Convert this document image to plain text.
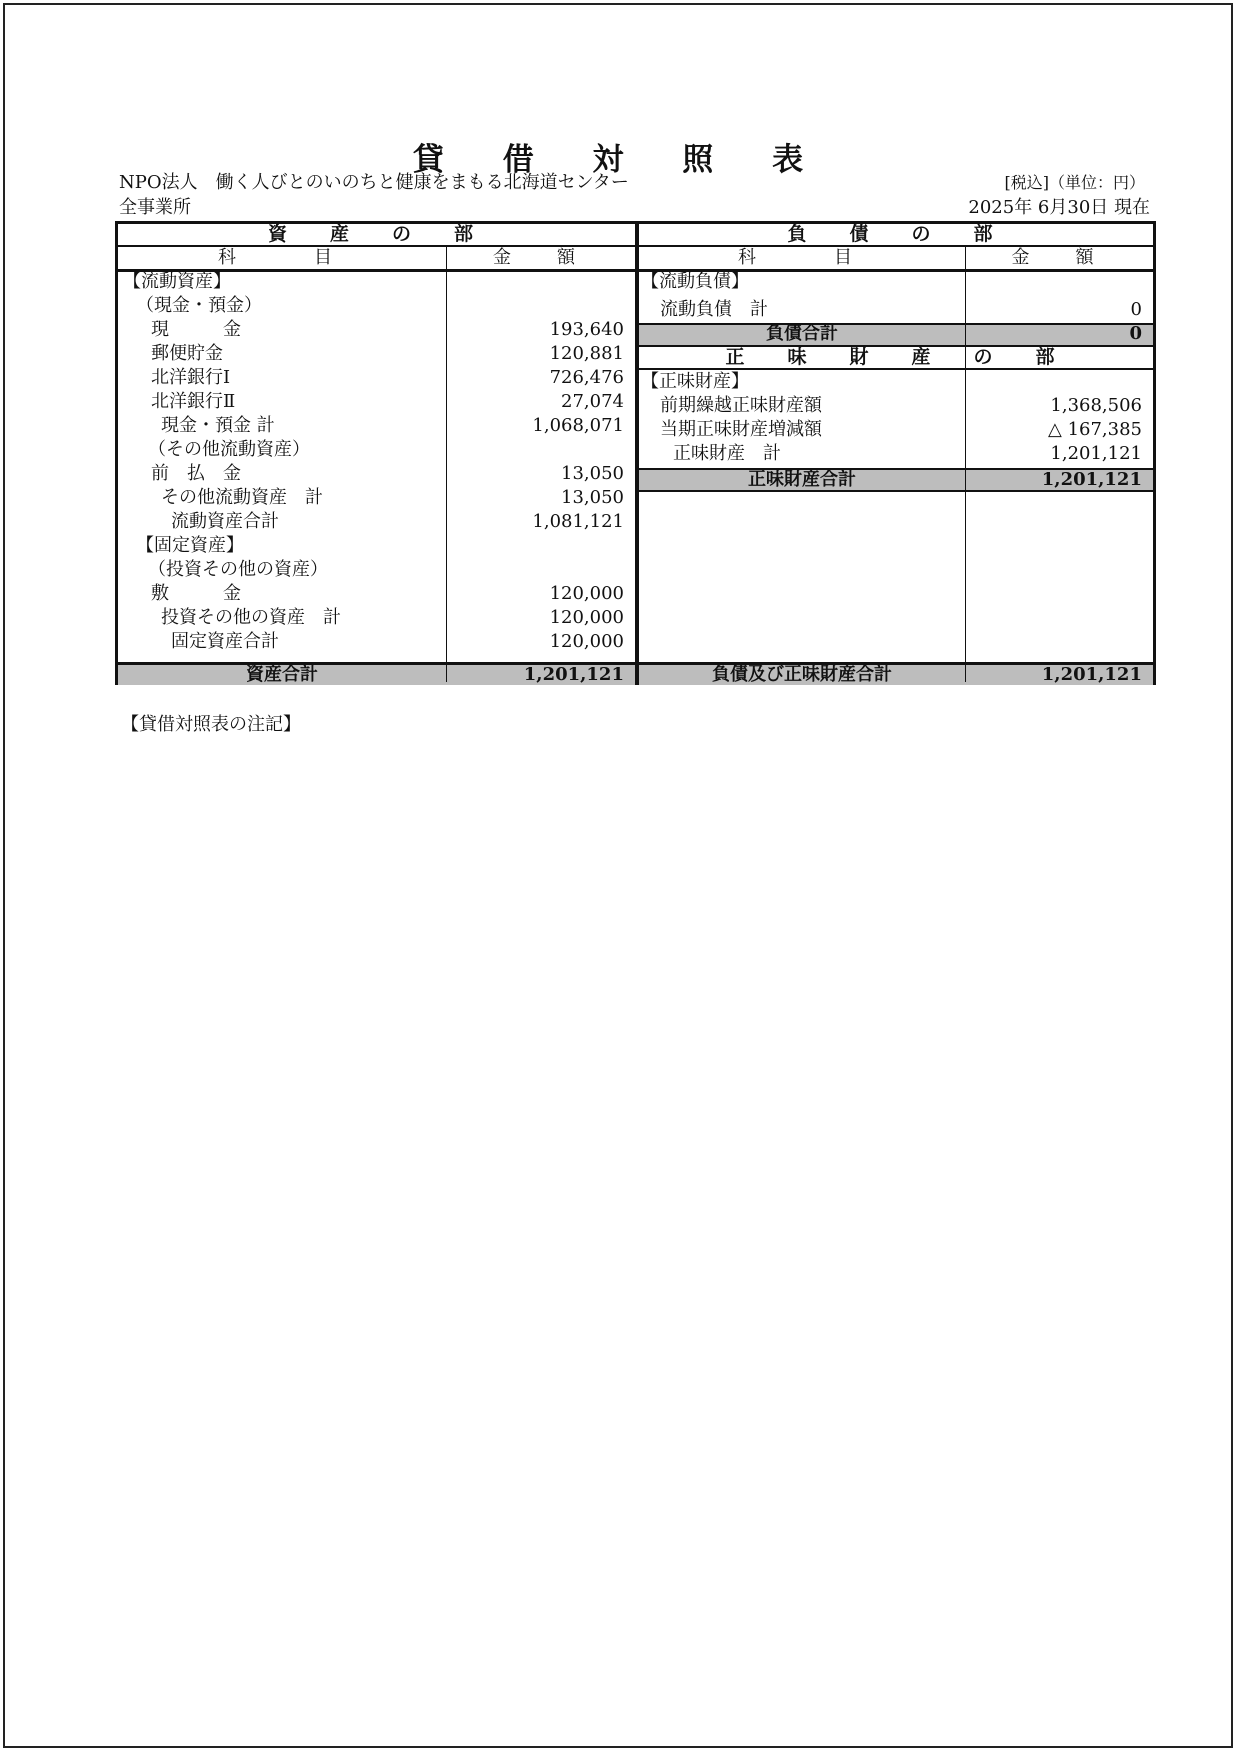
貸 借 対 照 表
NPO法人　働く人びとのいのちと健康をまもる北海道センター
全事業所
[税込]（単位：円）
2025年 6月30日 現在
資　産　の　部	負　債　の　部
科　　目	金　額	科　　目	金　額
【流動資産】
（現金・預金）
現　　　金	193,640
郵便貯金	120,881
北洋銀行Ⅰ	726,476
北洋銀行Ⅱ	27,074
現金・預金 計	1,068,071
（その他流動資産）
前　払　金	13,050
その他流動資産　計	13,050
流動資産合計	1,081,121
【固定資産】
（投資その他の資産）
敷　　　金	120,000
投資その他の資産　計	120,000
固定資産合計	120,000
資産合計	1,201,121
【流動負債】
流動負債　計	0
負債合計	0
正　味　財　産　の　部
【正味財産】
前期繰越正味財産額	1,368,506
当期正味財産増減額	△ 167,385
正味財産　計	1,201,121
正味財産合計	1,201,121
負債及び正味財産合計	1,201,121
【貸借対照表の注記】
